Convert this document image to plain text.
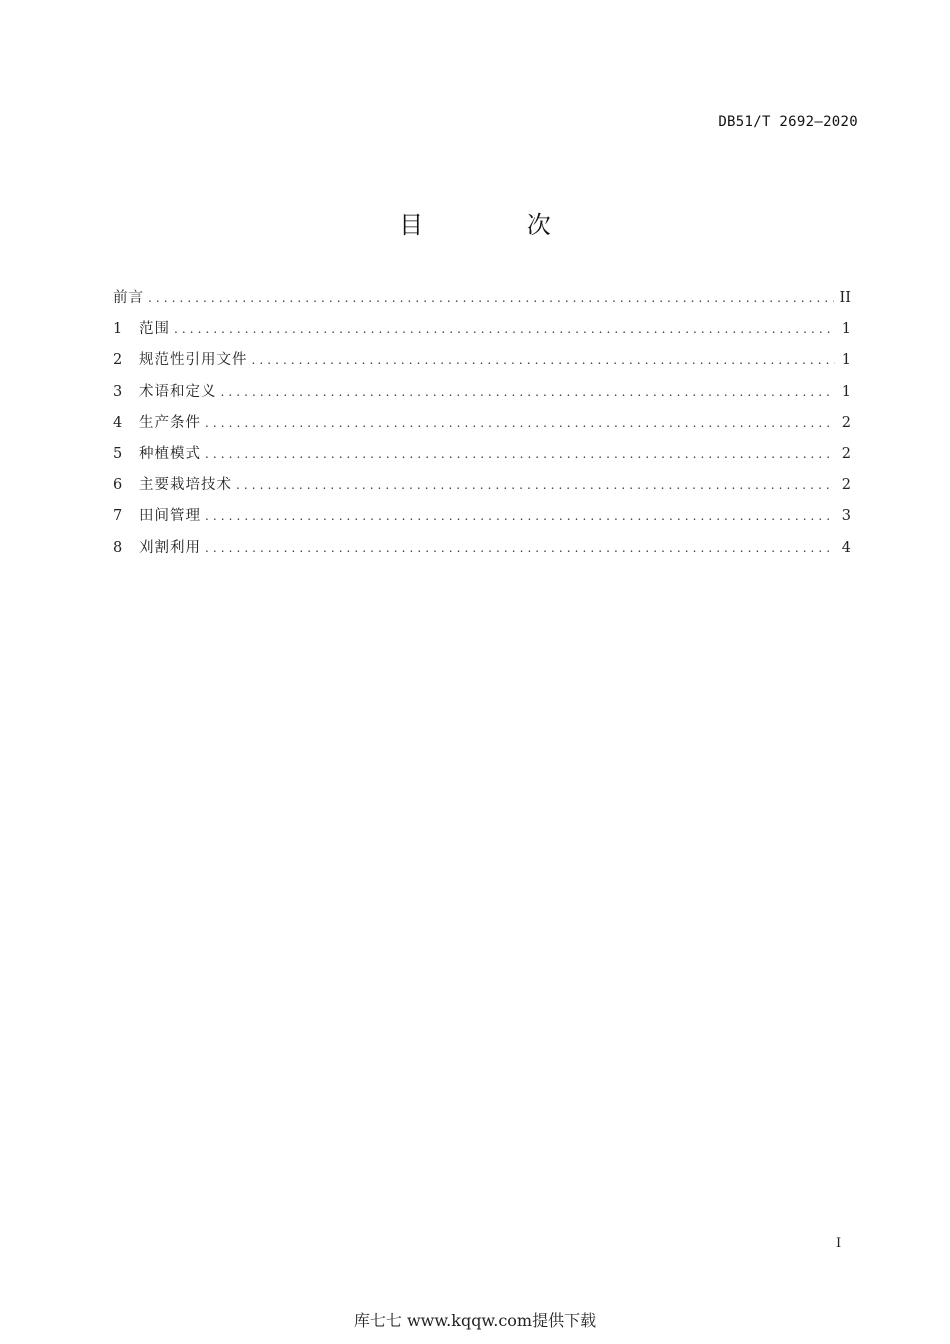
DB51/T 2692—2020
目 次
前言 .....	II
1	范围 .....	1
2	规范性引用文件 .....	1
3	术语和定义 .....	1
4	生产条件 .....	2
5	种植模式 .....	2
6	主要栽培技术 .....	2
7	田间管理 .....	3
8	刈割利用 .....	4
I
库七七 www.kqqw.com提供下载
